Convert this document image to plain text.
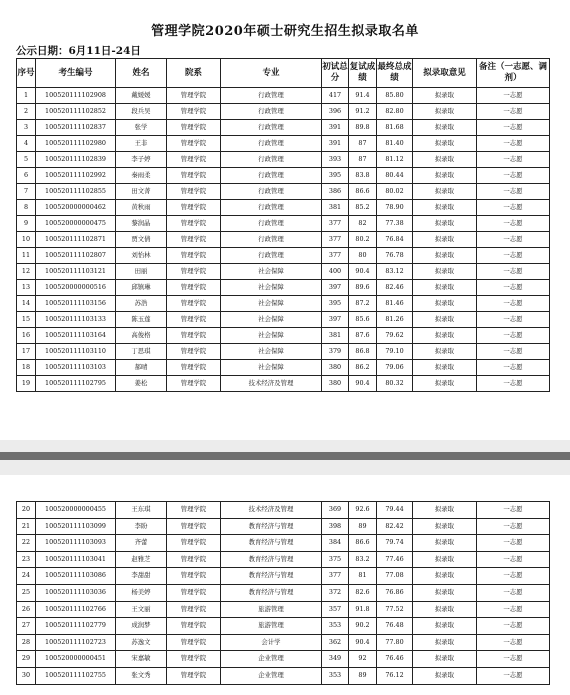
管理学院2020年硕士研究生招生拟录取名单
公示日期：6月11日-24日
序号	考生编号	姓名	院系	专业	初试总分	复试成绩	最终总成绩	拟录取意见	备注（一志愿、调剂）
1	100520111102908	戴媛媛	管理学院	行政管理	417	91.4	85.80	拟录取	一志愿
2	100520111102852	段兵吴	管理学院	行政管理	396	91.2	82.80	拟录取	一志愿
3	100520111102837	张学	管理学院	行政管理	391	89.8	81.68	拟录取	一志愿
4	100520111102980	王非	管理学院	行政管理	391	87	81.40	拟录取	一志愿
5	100520111102839	李子婷	管理学院	行政管理	393	87	81.12	拟录取	一志愿
6	100520111102992	秦雨柔	管理学院	行政管理	395	83.8	80.44	拟录取	一志愿
7	100520111102855	田文菁	管理学院	行政管理	386	86.6	80.02	拟录取	一志愿
8	100520000000462	黄秋雨	管理学院	行政管理	381	85.2	78.90	拟录取	一志愿
9	100520000000475	黎润晶	管理学院	行政管理	377	82	77.38	拟录取	一志愿
10	100520111102871	贾文倩	管理学院	行政管理	377	80.2	76.84	拟录取	一志愿
11	100520111102807	刘怡林	管理学院	行政管理	377	80	76.78	拟录取	一志愿
12	100520111103121	田丽	管理学院	社会保障	400	90.4	83.12	拟录取	一志愿
13	100520000000516	邱镇琳	管理学院	社会保障	397	89.6	82.46	拟录取	一志愿
14	100520111103156	苏浩	管理学院	社会保障	395	87.2	81.46	拟录取	一志愿
15	100520111103133	陈玉莲	管理学院	社会保障	397	85.6	81.26	拟录取	一志愿
16	100520111103164	高俊格	管理学院	社会保障	381	87.6	79.62	拟录取	一志愿
17	100520111103110	丁思琪	管理学院	社会保障	379	86.8	79.10	拟录取	一志愿
18	100520111103103	郝晴	管理学院	社会保障	380	86.2	79.06	拟录取	一志愿
19	100520111102795	姜松	管理学院	技术经济及管理	380	90.4	80.32	拟录取	一志愿
20	100520000000455	王东琪	管理学院	技术经济及管理	369	92.6	79.44	拟录取	一志愿
21	100520111103099	李盼	管理学院	教育经济与管理	398	89	82.42	拟录取	一志愿
22	100520111103093	齐蕾	管理学院	教育经济与管理	384	86.6	79.74	拟录取	一志愿
23	100520111103041	赵雅芝	管理学院	教育经济与管理	375	83.2	77.46	拟录取	一志愿
24	100520111103086	李甜甜	管理学院	教育经济与管理	377	81	77.08	拟录取	一志愿
25	100520111103036	杨美婷	管理学院	教育经济与管理	372	82.6	76.86	拟录取	一志愿
26	100520111102766	王文丽	管理学院	旅游管理	357	91.8	77.52	拟录取	一志愿
27	100520111102779	成润梦	管理学院	旅游管理	353	90.2	76.48	拟录取	一志愿
28	100520111102723	苏逸文	管理学院	会计学	362	90.4	77.80	拟录取	一志愿
29	100520000000451	宋嘉敏	管理学院	企业管理	349	92	76.46	拟录取	一志愿
30	100520111102755	张文秀	管理学院	企业管理	353	89	76.12	拟录取	一志愿
